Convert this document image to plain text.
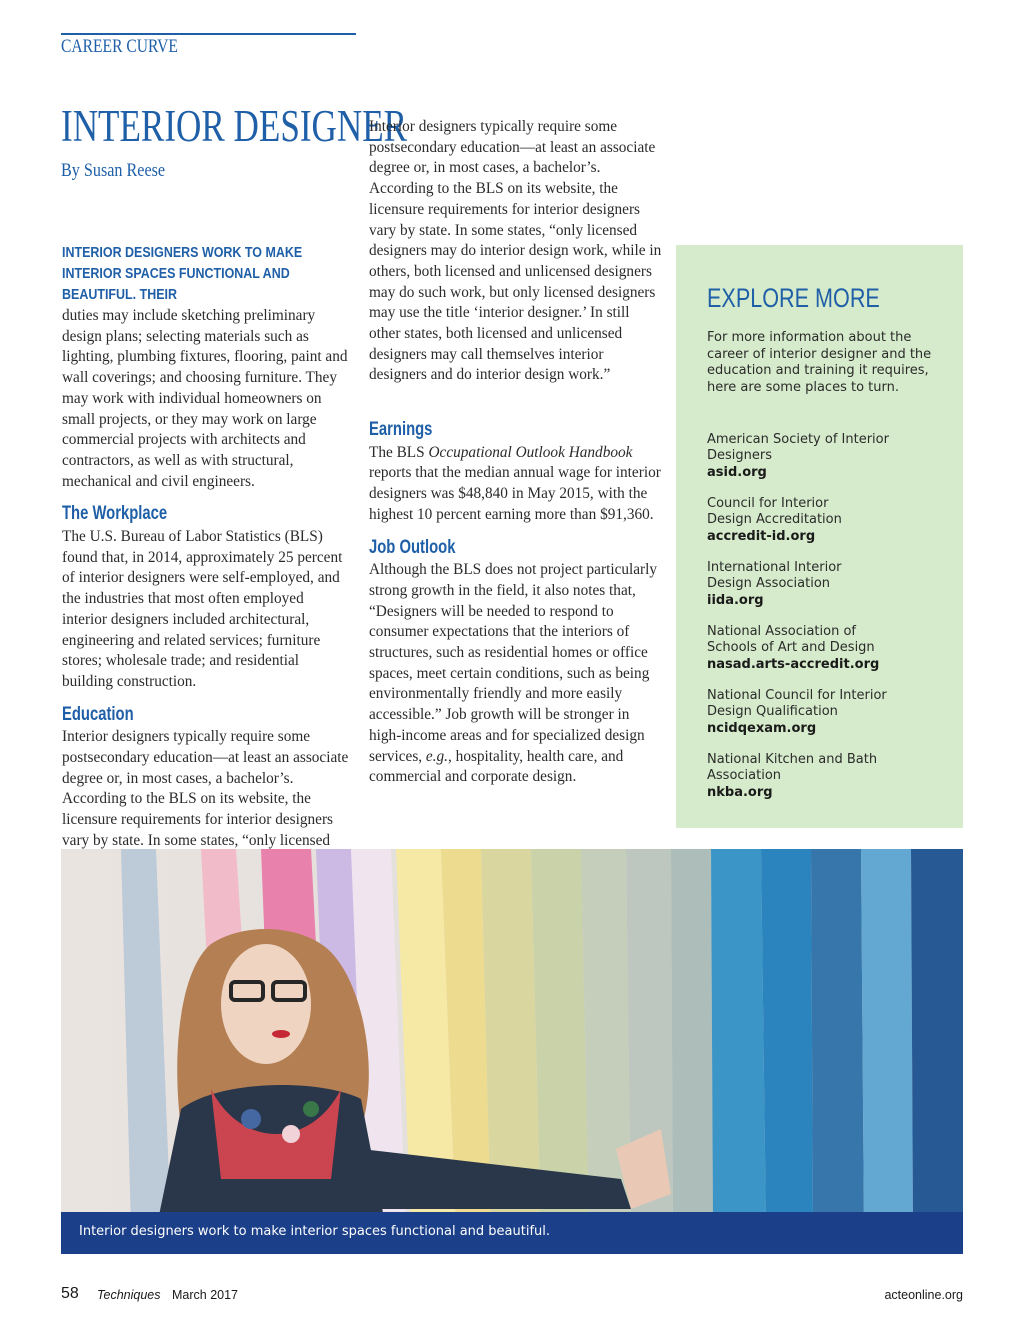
CAREER CURVE
INTERIOR DESIGNER
By Susan Reese
INTERIOR DESIGNERS WORK TO MAKE INTERIOR SPACES FUNCTIONAL AND BEAUTIFUL. THEIR

duties may include sketching preliminary design plans; selecting materials such as lighting, plumbing fixtures, flooring, paint and wall coverings; and choosing furniture. They may work with individual homeowners on small projects, or they may work on large commercial projects with architects and contractors, as well as with structural, mechanical and civil engineers.

The Workplace

The U.S. Bureau of Labor Statistics (BLS) found that, in 2014, approximately 25 percent of interior designers were self-employed, and the industries that most often employed interior designers included architectural, engineering and related services; furniture stores; wholesale trade; and residential building construction.

Education

Interior designers typically require some postsecondary education—at least an associate degree or, in most cases, a bachelor’s. According to the BLS on its website, the licensure requirements for interior designers vary by state. In some states, “only licensed

Interior designers typically require some postsecondary education—at least an associate degree or, in most cases, a bachelor’s. According to the BLS on its website, the licensure requirements for interior designers vary by state. In some states, “only licensed designers may do interior design work, while in others, both licensed and unlicensed designers may do such work, but only licensed designers may use the title ‘interior designer.’ In still other states, both licensed and unlicensed designers may call themselves interior designers and do interior design work.”

Earnings

The BLS Occupational Outlook Handbook reports that the median annual wage for interior designers was $48,840 in May 2015, with the highest 10 percent earning more than $91,360.

Job Outlook

Although the BLS does not project particularly strong growth in the field, it also notes that, “Designers will be needed to respond to consumer expectations that the interiors of structures, such as residential homes or office spaces, meet certain conditions, such as being environmentally friendly and more easily accessible.” Job growth will be stronger in high-income areas and for specialized design services, e.g., hospitality, health care, and commercial and corporate design.

EXPLORE MORE
For more information about the career of interior designer and the education and training it requires, here are some places to turn.
American Society of Interior Designers
asid.org
Council for Interior Design Accreditation
accredit-id.org
International Interior Design Association
iida.org
National Association of Schools of Art and Design
nasad.arts-accredit.org
National Council for Interior Design Qualification
ncidqexam.org
National Kitchen and Bath Association
nkba.org
Interior designers work to make interior spaces functional and beautiful.
58 Techniques March 2017	acteonline.org
